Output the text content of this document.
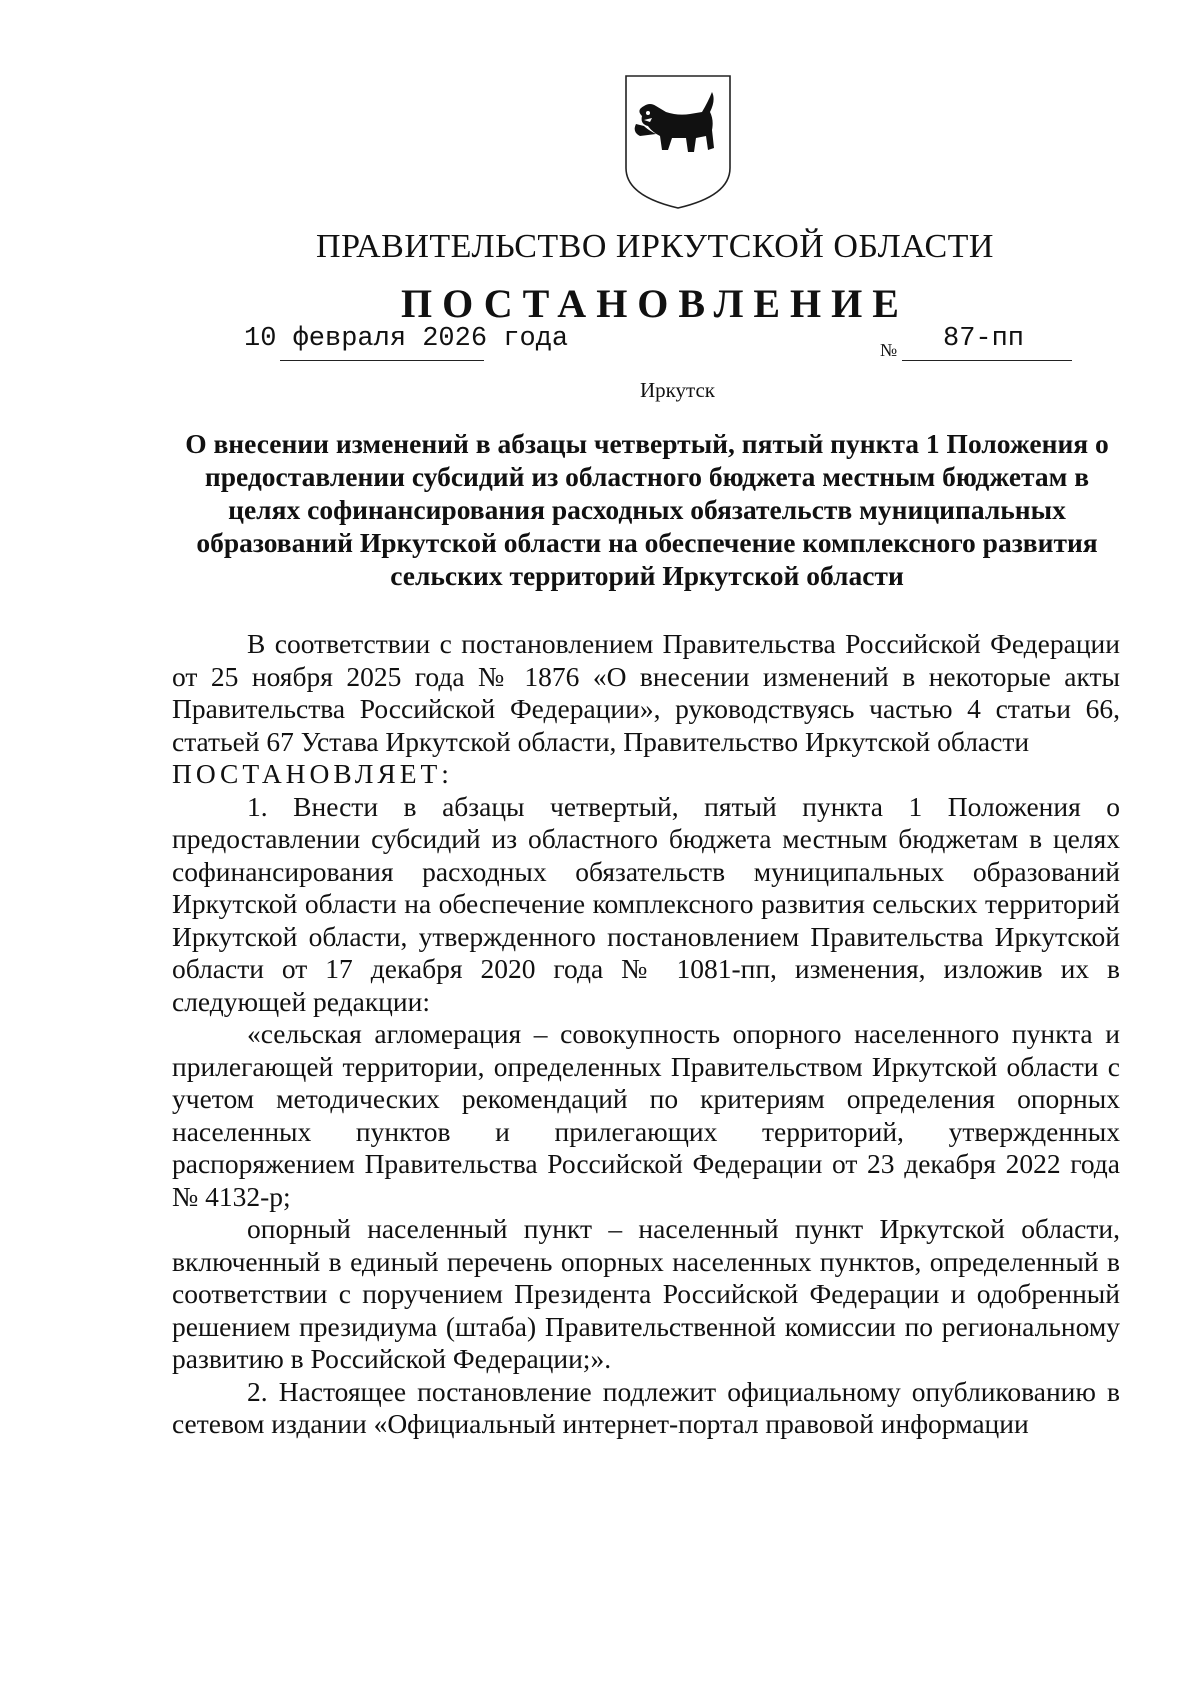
ПРАВИТЕЛЬСТВО ИРКУТСКОЙ ОБЛАСТИ
ПОСТАНОВЛЕНИЕ
10 февраля 2026 года	№ 87-пп
Иркутск
О внесении изменений в абзацы четвертый, пятый пункта 1 Положения о предоставлении субсидий из областного бюджета местным бюджетам в целях софинансирования расходных обязательств муниципальных образований Иркутской области на обеспечение комплексного развития сельских территорий Иркутской области

В соответствии с постановлением Правительства Российской Федерации от 25 ноября 2025 года № 1876 «О внесении изменений в некоторые акты Правительства Российской Федерации», руководствуясь частью 4 статьи 66, статьей 67 Устава Иркутской области, Правительство Иркутской области

ПОСТАНОВЛЯЕТ:

1. Внести в абзацы четвертый, пятый пункта 1 Положения о предоставлении субсидий из областного бюджета местным бюджетам в целях софинансирования расходных обязательств муниципальных образований Иркутской области на обеспечение комплексного развития сельских территорий Иркутской области, утвержденного постановлением Правительства Иркутской области от 17 декабря 2020 года № 1081-пп, изменения, изложив их в следующей редакции:

«сельская агломерация – совокупность опорного населенного пункта и прилегающей территории, определенных Правительством Иркутской области с учетом методических рекомендаций по критериям определения опорных населенных пунктов и прилегающих территорий, утвержденных распоряжением Правительства Российской Федерации от 23 декабря 2022 года № 4132-р;

опорный населенный пункт – населенный пункт Иркутской области, включенный в единый перечень опорных населенных пунктов, определенный в соответствии с поручением Президента Российской Федерации и одобренный решением президиума (штаба) Правительственной комиссии по региональному развитию в Российской Федерации;».

2. Настоящее постановление подлежит официальному опубликованию в сетевом издании «Официальный интернет-портал правовой информации
